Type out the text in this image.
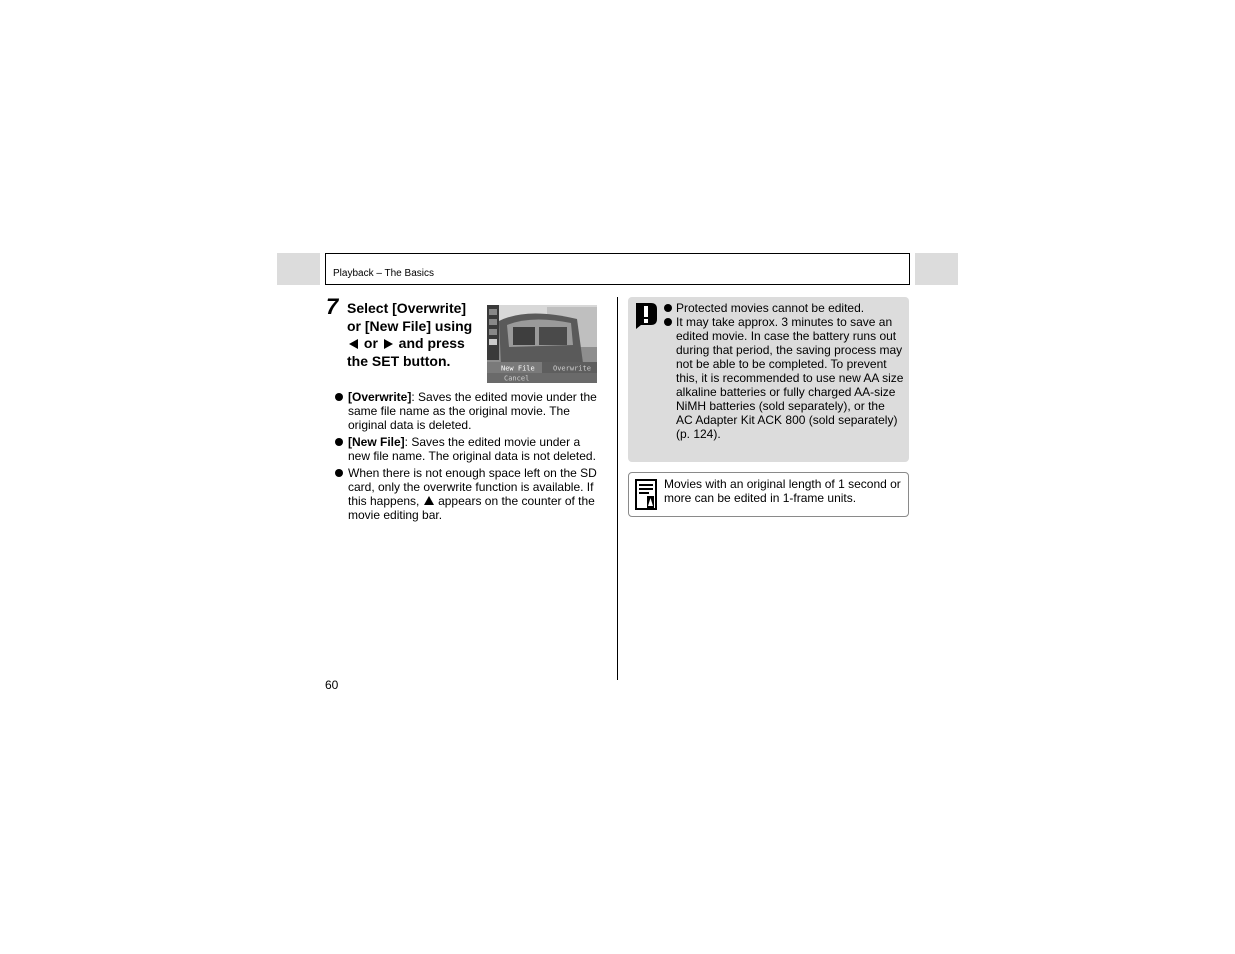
Playback – The Basics
7 Select [Overwrite] or [New File] using  or and press the SET button.	New File	Overwrite
Cancel
[Overwrite]: Saves the edited movie under the same file name as the original movie. The original data is deleted.
[New File]: Saves the edited movie under a new file name. The original data is not deleted.
When there is not enough space left on the SD card, only the overwrite function is available. If this happens, appears on the counter of the movie editing bar.
Protected movies cannot be edited.
It may take approx. 3 minutes to save an edited movie. In case the battery runs out during that period, the saving process may not be able to be completed. To prevent this, it is recommended to use new AA size alkaline batteries or fully charged AA-size NiMH batteries (sold separately), or the AC Adapter Kit ACK 800 (sold separately) (p. 124).
Movies with an original length of 1 second or more can be edited in 1-frame units.
60
